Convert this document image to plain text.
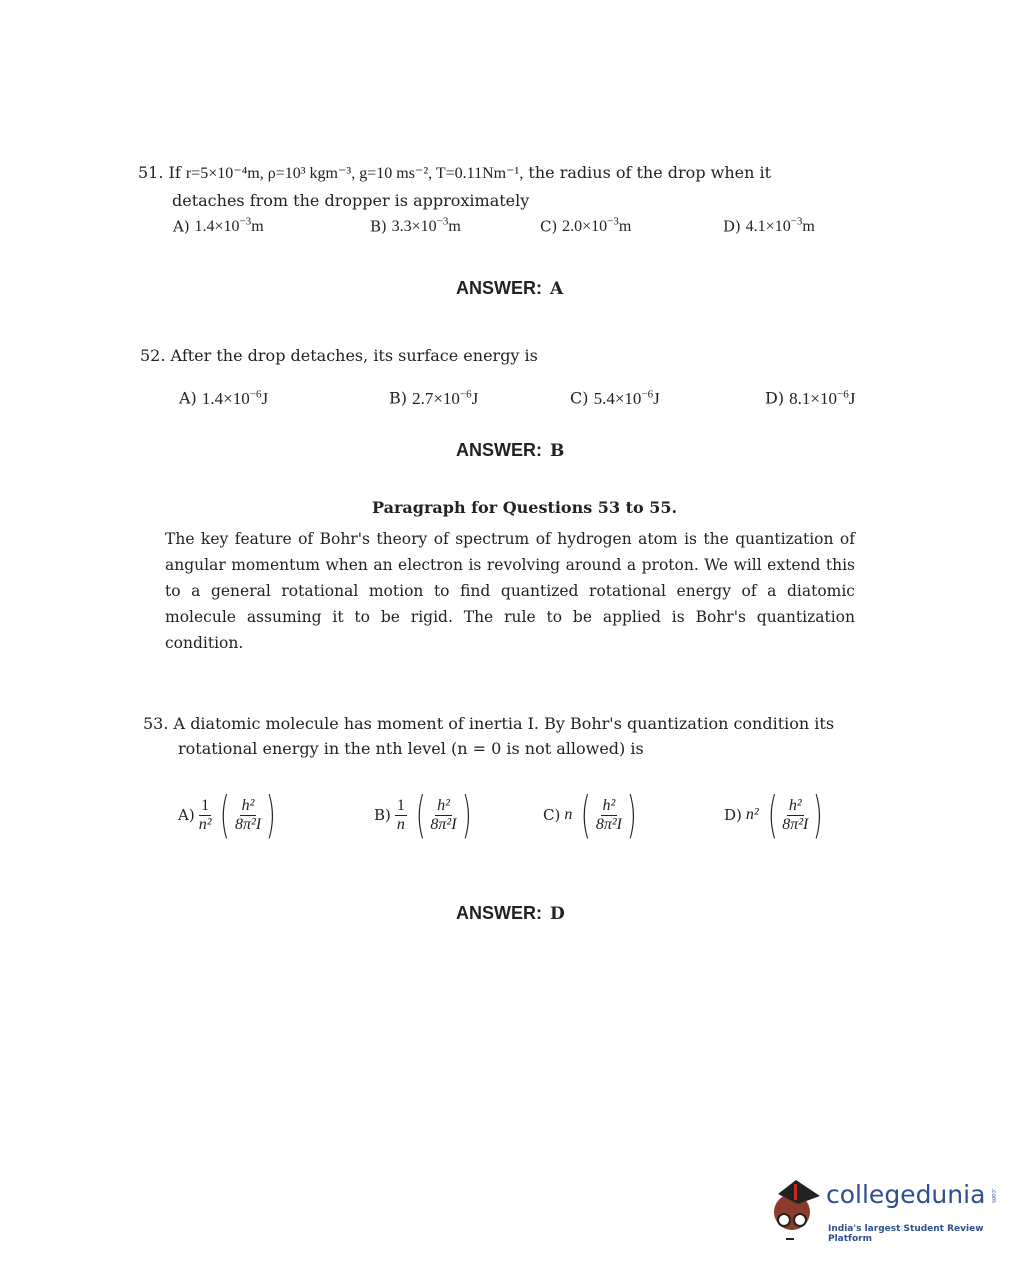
51. If r=5×10⁻⁴m, ρ=10³ kgm⁻³, g=10 ms⁻², T=0.11Nm⁻¹, the radius of the drop when it
detaches from the dropper is approximately
A) $1.4\times 10^{-3}m$	B) $3.3\times 10^{-3}m$	C) $2.0\times 10^{-3}m$	D) $4.1\times 10^{-3}m$
ANSWER: A
52. After the drop detaches, its surface energy is
A) $1.4\times 10^{-6}J$	B) $2.7\times 10^{-6}J$	C) $5.4\times 10^{-6}J$	D) $8.1\times 10^{-6}J$
ANSWER: B
Paragraph for Questions 53 to 55.
The key feature of Bohr's theory of spectrum of hydrogen atom is the quantization of angular momentum when an electron is revolving around a proton. We will extend this to a general rotational motion to find quantized rotational energy of a diatomic molecule assuming it to be rigid. The rule to be applied is Bohr's quantization condition.
53. A diatomic molecule has moment of inertia I. By Bohr's quantization condition its
rotational energy in the nth level (n = 0 is not allowed) is
$A) \frac{1}{\text{n²}}$ ( $\frac{\text{h²}}{\text{8π²I}}$ )	$B) \frac{1}{n}$ ( $\frac{\text{h²}}{\text{8π²I}}$ )	C) n ( $\frac{\text{h²}}{\text{8π²I}}$ )	D) n² ( $\frac{\text{h²}}{\text{8π²I}}$ )
ANSWER: D
collegedunia .com
India's largest Student Review Platform
